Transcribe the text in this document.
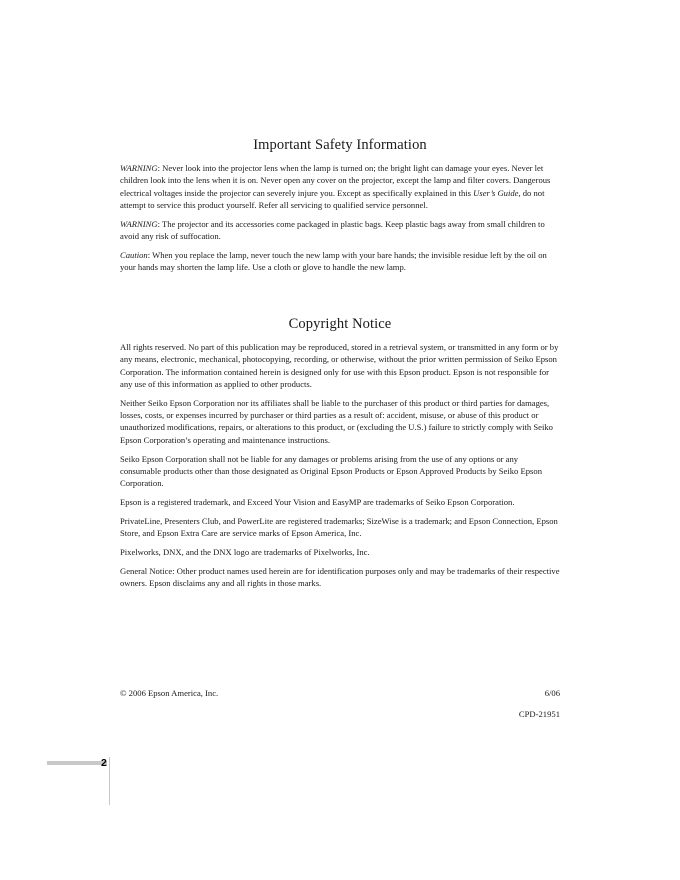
Important Safety Information

WARNING: Never look into the projector lens when the lamp is turned on; the bright light can damage your eyes. Never let children look into the lens when it is on. Never open any cover on the projector, except the lamp and filter covers. Dangerous electrical voltages inside the projector can severely injure you. Except as specifically explained in this User’s Guide, do not attempt to service this product yourself. Refer all servicing to qualified service personnel.

WARNING: The projector and its accessories come packaged in plastic bags. Keep plastic bags away from small children to avoid any risk of suffocation.

Caution: When you replace the lamp, never touch the new lamp with your bare hands; the invisible residue left by the oil on your hands may shorten the lamp life. Use a cloth or glove to handle the new lamp.

Copyright Notice

All rights reserved. No part of this publication may be reproduced, stored in a retrieval system, or transmitted in any form or by any means, electronic, mechanical, photocopying, recording, or otherwise, without the prior written permission of Seiko Epson Corporation. The information contained herein is designed only for use with this Epson product. Epson is not responsible for any use of this information as applied to other products.

Neither Seiko Epson Corporation nor its affiliates shall be liable to the purchaser of this product or third parties for damages, losses, costs, or expenses incurred by purchaser or third parties as a result of: accident, misuse, or abuse of this product or unauthorized modifications, repairs, or alterations to this product, or (excluding the U.S.) failure to strictly comply with Seiko Epson Corporation’s operating and maintenance instructions.

Seiko Epson Corporation shall not be liable for any damages or problems arising from the use of any options or any consumable products other than those designated as Original Epson Products or Epson Approved Products by Seiko Epson Corporation.

Epson is a registered trademark, and Exceed Your Vision and EasyMP are trademarks of Seiko Epson Corporation.

PrivateLine, Presenters Club, and PowerLite are registered trademarks; SizeWise is a trademark; and Epson Connection, Epson Store, and Epson Extra Care are service marks of Epson America, Inc.

Pixelworks, DNX, and the DNX logo are trademarks of Pixelworks, Inc.

General Notice: Other product names used herein are for identification purposes only and may be trademarks of their respective owners. Epson disclaims any and all rights in those marks.

© 2006 Epson America, Inc.	6/06
CPD-21951
2
